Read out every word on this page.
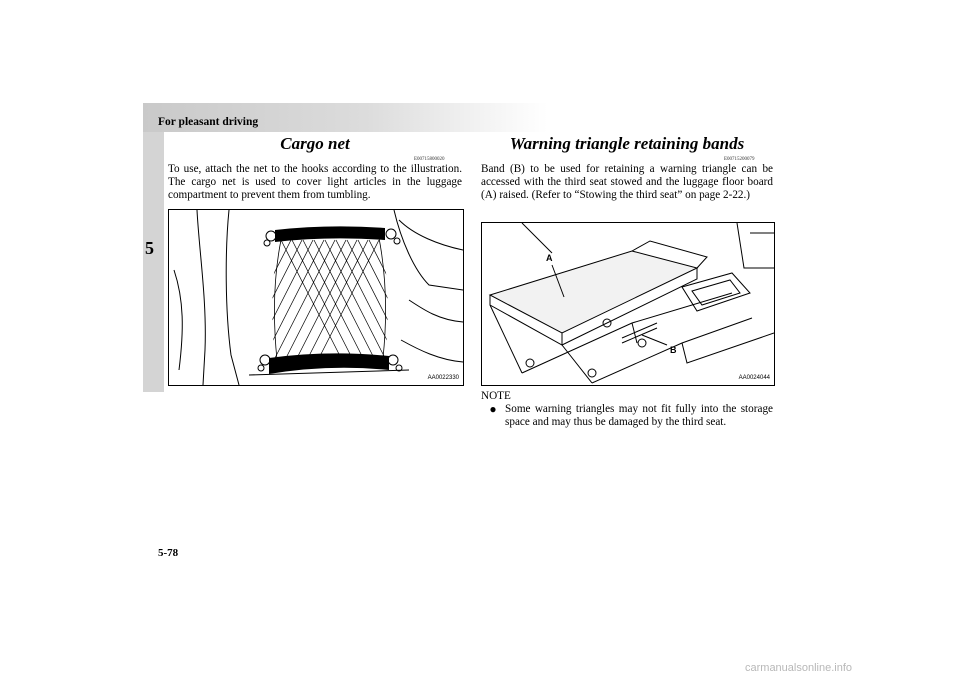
For pleasant driving
5
Cargo net
E00715800020
To use, attach the net to the hooks according to the illustration. The cargo net is used to cover light articles in the luggage compartment to prevent them from tumbling.
AA0022330
Warning triangle retaining bands
E00715200079
Band (B) to be used for retaining a warning triangle can be accessed with the third seat stowed and the luggage floor board (A) raised. (Refer to “Stowing the third seat” on page 2-22.)
A
B
AA0024044
NOTE
● Some warning triangles may not fit fully into the storage space and may thus be damaged by the third seat.
5-78
carmanualsonline.info
